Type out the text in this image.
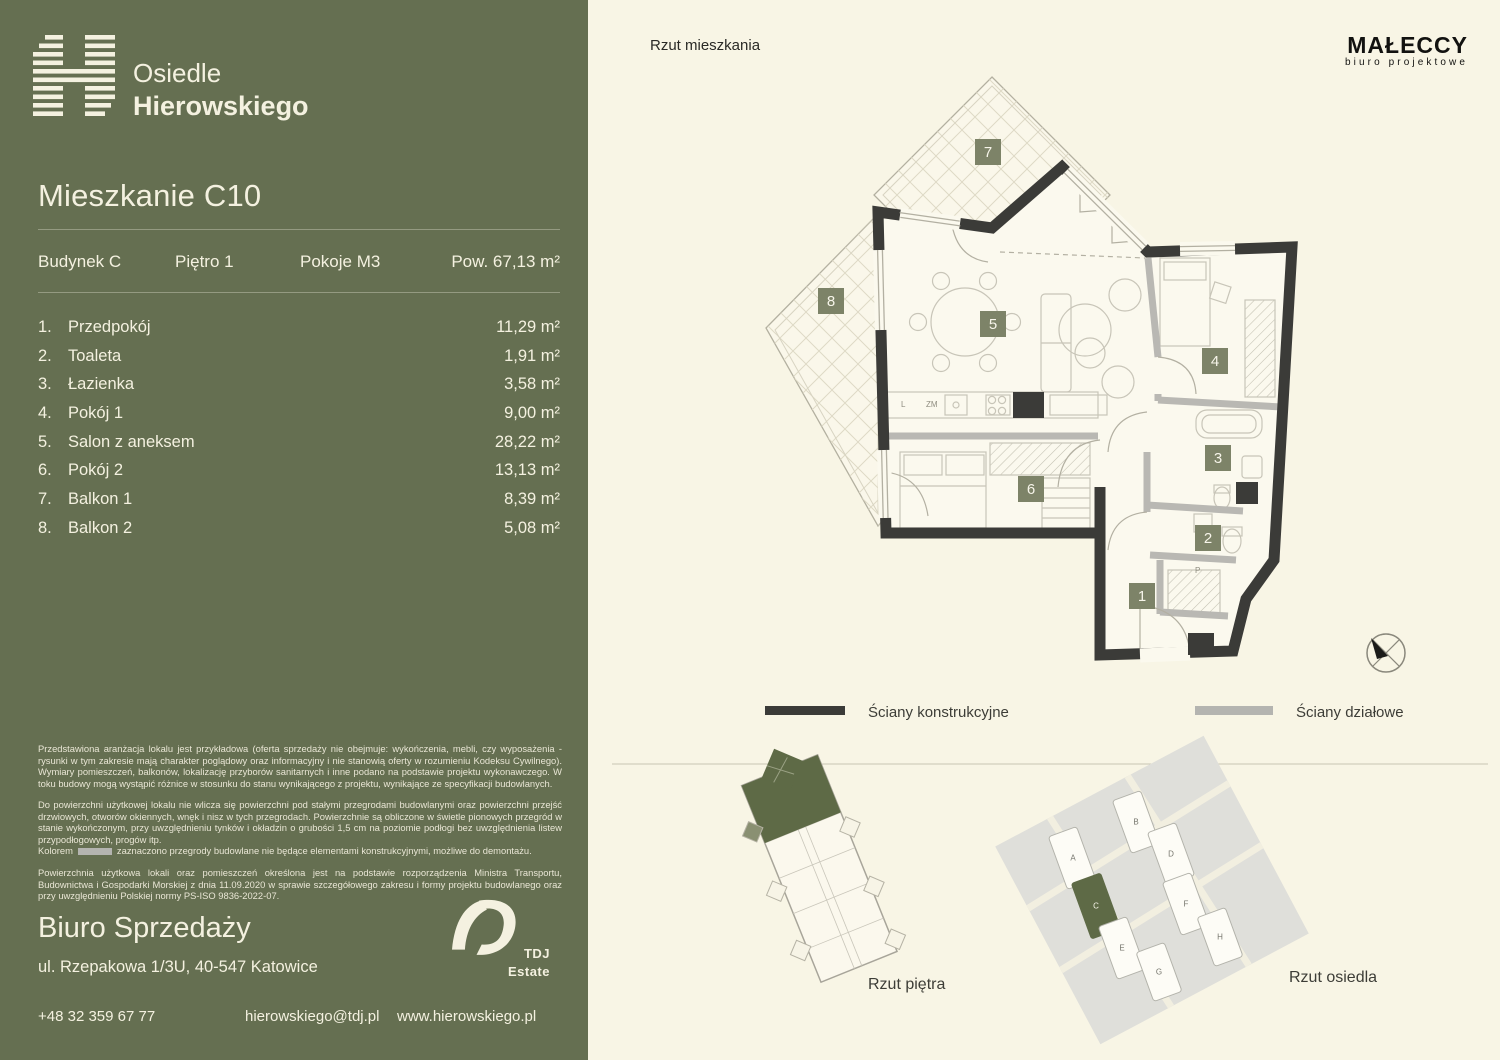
Osiedle
Hierowskiego
Mieszkanie C10
Budynek C	Piętro 1	Pokoje M3	Pow. 67,13 m²
1. Przedpokój	11,29 m²
2. Toaleta	1,91 m²
3. Łazienka	3,58 m²
4. Pokój 1	9,00 m²
5. Salon z aneksem	28,22 m²
6. Pokój 2	13,13 m²
7. Balkon 1	8,39 m²
8. Balkon 2	5,08 m²

Przedstawiona aranżacja lokalu jest przykładowa (oferta sprzedaży nie obejmuje: wykończenia, mebli, czy wyposażenia - rysunki w tym zakresie mają charakter poglądowy oraz informacyjny i nie stanowią oferty w rozumieniu Kodeksu Cywilnego). Wymiary pomieszczeń, balkonów, lokalizację przyborów sanitarnych i inne podano na podstawie projektu wykonawczego. W toku budowy mogą wystąpić różnice w stosunku do stanu wynikającego z projektu, wynikające ze specyfikacji budowlanych.

Do powierzchni użytkowej lokalu nie wlicza się powierzchni pod stałymi przegrodami budowlanymi oraz powierzchni przejść drzwiowych, otworów okiennych, wnęk i nisz w tych przegrodach. Powierzchnie są obliczone w świetle pionowych przegród w stanie wykończonym, przy uwzględnieniu tynków i okładzin o grubości 1,5 cm na poziomie podłogi bez uwzględnienia listew przypodłogowych, progów itp.

Kolorem	zaznaczono przegrody budowlane nie będące elementami konstrukcyjnymi, możliwe do demontażu.

Powierzchnia użytkowa lokali oraz pomieszczeń określona jest na podstawie rozporządzenia Ministra Transportu, Budownictwa i Gospodarki Morskiej z dnia 11.09.2020 w sprawie szczegółowego zakresu i formy projektu budowlanego oraz przy uwzględnieniu Polskiej normy PS-ISO 9836-2022-07.

Biuro Sprzedaży
ul. Rzepakowa 1/3U, 40-547 Katowice
+48 32 359 67 77	hierowskiego@tdj.pl www.hierowskiego.pl
TDJ
Estate
Rzut mieszkania	MAŁECCY
biuro projektowe
1
2
3
4
5
6
7
8
L	ZM
P
Ściany konstrukcyjne	Ściany działowe
Rzut piętra	Rzut osiedla
A
B
C
D
E
F
G
H
